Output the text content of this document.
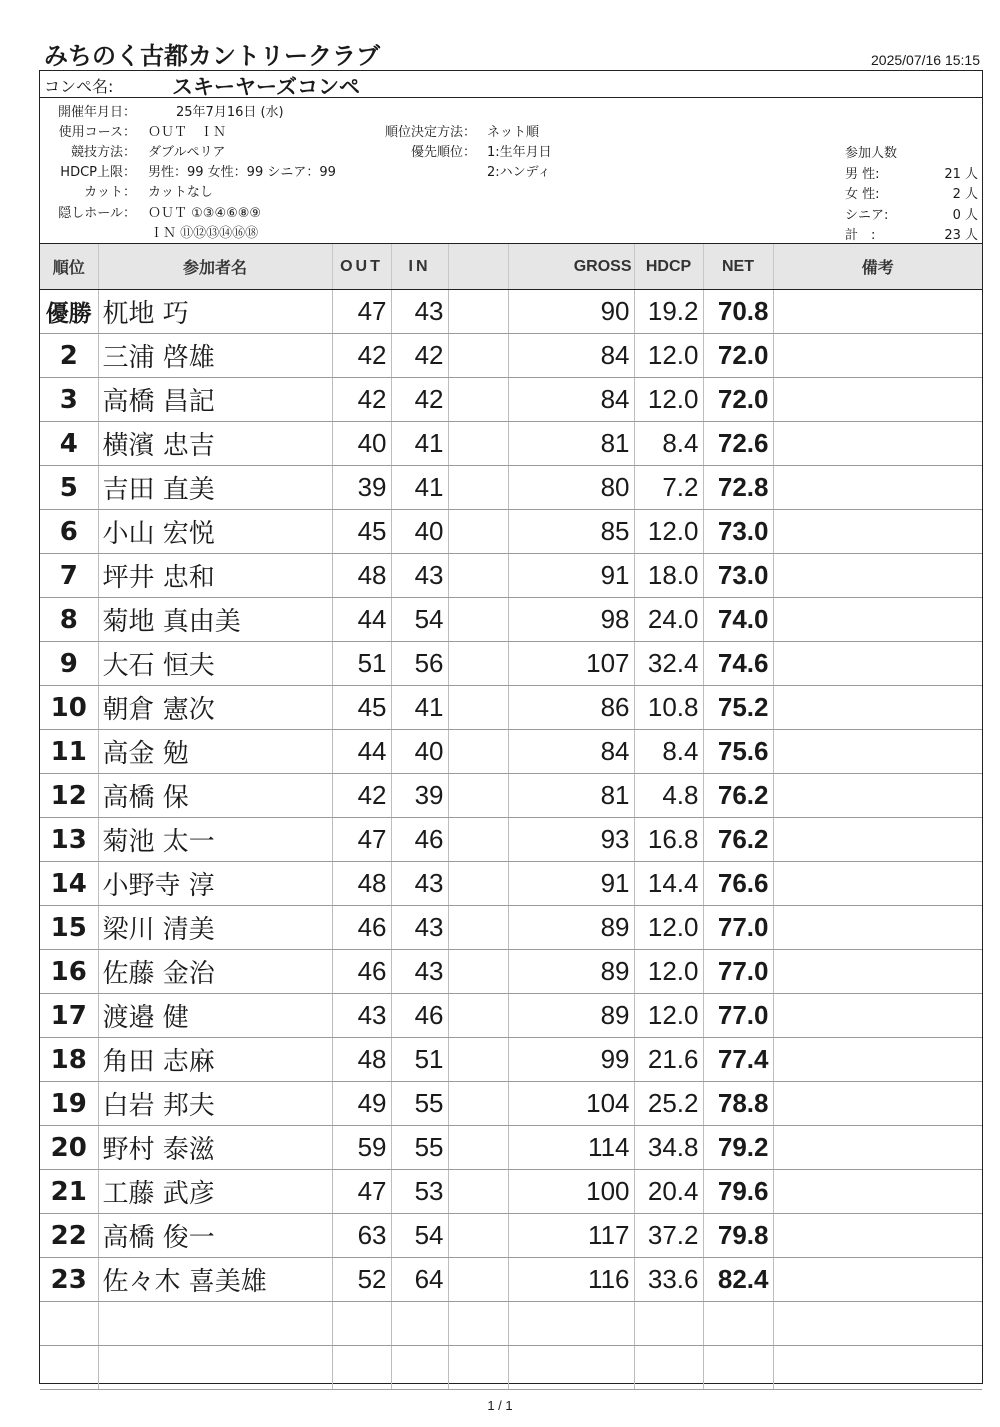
みちのく古都カントリークラブ	2025/07/16 15:15
コンペ名:	スキーヤーズコンペ
開催年月日：	25年7月16日 (水)
使用コース： ＯＵＴ　ＩＮ
競技方法： ダブルペリア
HDCP上限： 男性：99 女性：99 シニア：99
カット： カットなし
隠しホール： ＯＵＴ ①③④⑥⑧⑨
ＩＮ ⑪⑫⑬⑭⑯⑱
順位決定方法： ネット順
優先順位： 1:生年月日
2:ハンディ
参加人数
男 性:	21 人
女 性:	2 人
シニア:	0 人
計　:	23 人
順位	参加者名	OUT	IN		GROSS	HDCP	NET	備考
優勝	杌地 巧	47	43		90	19.2	70.8	
2	三浦 啓雄	42	42		84	12.0	72.0	
3	高橋 昌記	42	42		84	12.0	72.0	
4	横濱 忠吉	40	41		81	8.4	72.6	
5	吉田 直美	39	41		80	7.2	72.8	
6	小山 宏悦	45	40		85	12.0	73.0	
7	坪井 忠和	48	43		91	18.0	73.0	
8	菊地 真由美	44	54		98	24.0	74.0	
9	大石 恒夫	51	56		107	32.4	74.6	
10	朝倉 憲次	45	41		86	10.8	75.2	
11	高金 勉	44	40		84	8.4	75.6	
12	高橋 保	42	39		81	4.8	76.2	
13	菊池 太一	47	46		93	16.8	76.2	
14	小野寺 淳	48	43		91	14.4	76.6	
15	梁川 清美	46	43		89	12.0	77.0	
16	佐藤 金治	46	43		89	12.0	77.0	
17	渡邉 健	43	46		89	12.0	77.0	
18	角田 志麻	48	51		99	21.6	77.4	
19	白岩 邦夫	49	55		104	25.2	78.8	
20	野村 泰滋	59	55		114	34.8	79.2	
21	工藤 武彦	47	53		100	20.4	79.6	
22	高橋 俊一	63	54		117	37.2	79.8	
23	佐々木 喜美雄	52	64		116	33.6	82.4	

1 / 1
